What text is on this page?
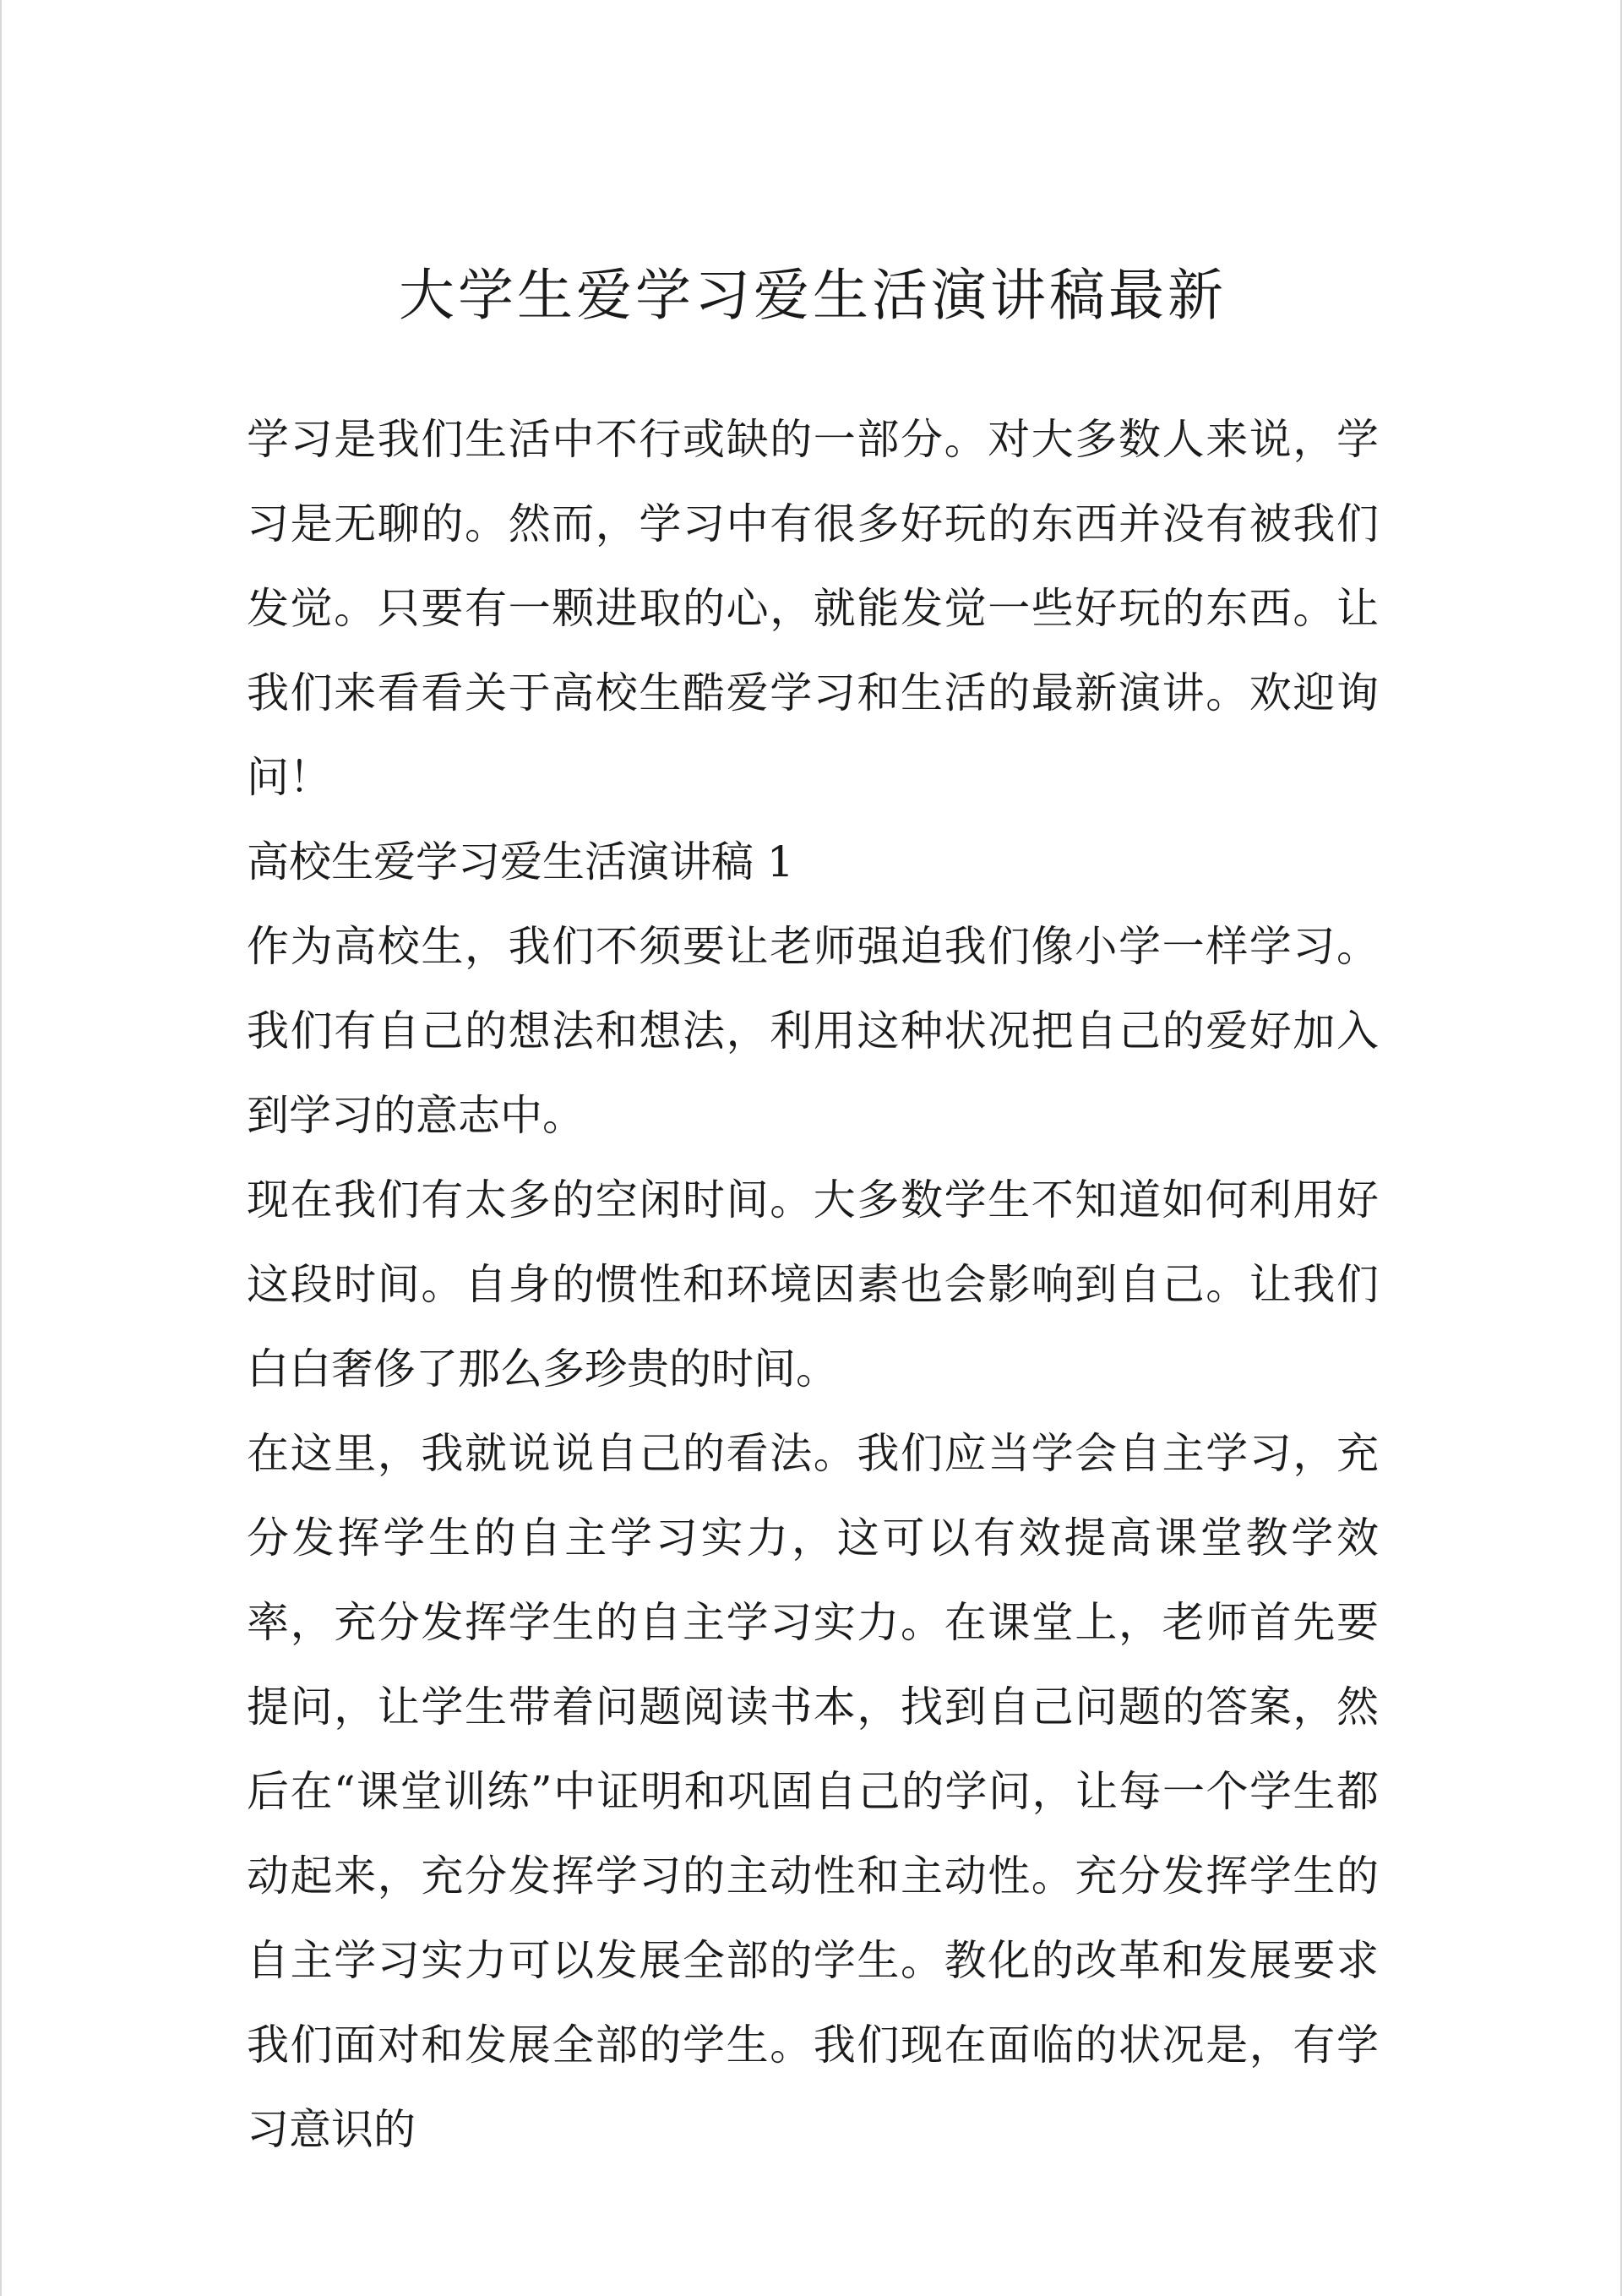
大学生爱学习爱生活演讲稿最新

学习是我们生活中不行或缺的一部分。对大多数人来说，学习是无聊的。然而，学习中有很多好玩的东西并没有被我们发觉。只要有一颗进取的心，就能发觉一些好玩的东西。让我们来看看关于高校生酷爱学习和生活的最新演讲。欢迎询问！

高校生爱学习爱生活演讲稿 1

作为高校生，我们不须要让老师强迫我们像小学一样学习。我们有自己的想法和想法，利用这种状况把自己的爱好加入到学习的意志中。

现在我们有太多的空闲时间。大多数学生不知道如何利用好这段时间。自身的惯性和环境因素也会影响到自己。让我们白白奢侈了那么多珍贵的时间。

在这里，我就说说自己的看法。我们应当学会自主学习，充分发挥学生的自主学习实力，这可以有效提高课堂教学效率，充分发挥学生的自主学习实力。在课堂上，老师首先要提问，让学生带着问题阅读书本，找到自己问题的答案，然后在“课堂训练”中证明和巩固自己的学问，让每一个学生都动起来，充分发挥学习的主动性和主动性。充分发挥学生的自主学习实力可以发展全部的学生。教化的改革和发展要求我们面对和发展全部的学生。我们现在面临的状况是，有学习意识的
